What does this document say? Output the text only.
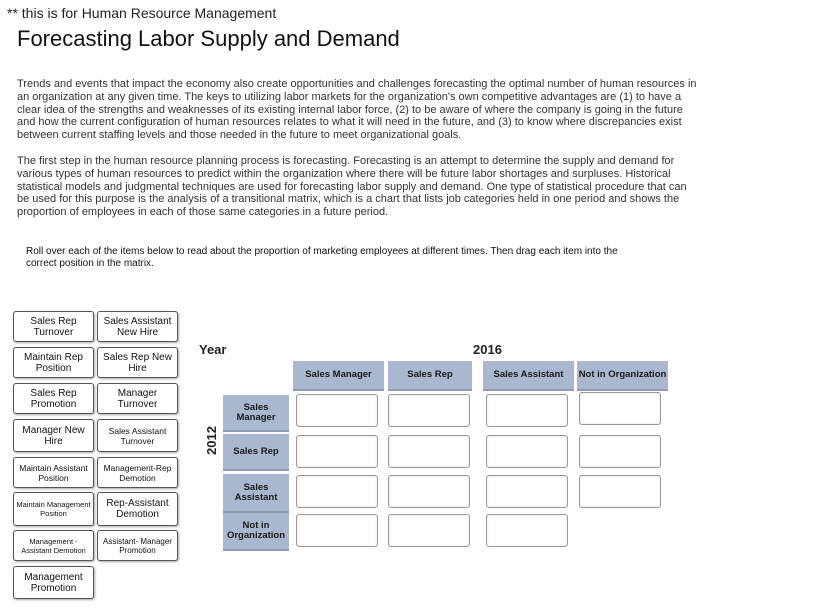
** this is for Human Resource Management
Forecasting Labor Supply and Demand
Trends and events that impact the economy also create opportunities and challenges forecasting the optimal number of human resources in an organization at any given time. The keys to utilizing labor markets for the organization's own competitive advantages are (1) to have a clear idea of the strengths and weaknesses of its existing internal labor force, (2) to be aware of where the company is going in the future and how the current configuration of human resources relates to what it will need in the future, and (3) to know where discrepancies exist between current staffing levels and those needed in the future to meet organizational goals.
The first step in the human resource planning process is forecasting. Forecasting is an attempt to determine the supply and demand for various types of human resources to predict within the organization where there will be future labor shortages and surpluses. Historical statistical models and judgmental techniques are used for forecasting labor supply and demand. One type of statistical procedure that can be used for this purpose is the analysis of a transitional matrix, which is a chart that lists job categories held in one period and shows the proportion of employees in each of those same categories in a future period.
Roll over each of the items below to read about the proportion of marketing employees at different times. Then drag each item into the correct position in the matrix.
Sales Rep Turnover
Sales Assistant New Hire
Maintain Rep Position
Sales Rep New Hire
Sales Rep Promotion
Manager Turnover
Manager New Hire
Sales Assistant Turnover
Maintain Assistant Position
Management-Rep Demotion
Maintain Management Position
Rep-Assistant Demotion
Management - Assistant Demotion
Assistant- Manager Promotion
Management Promotion
Year	2016
2012
Sales Manager	Sales Rep	Sales Assistant	Not in Organization
Sales Manager
Sales Rep
Sales Assistant
Not in Organization
